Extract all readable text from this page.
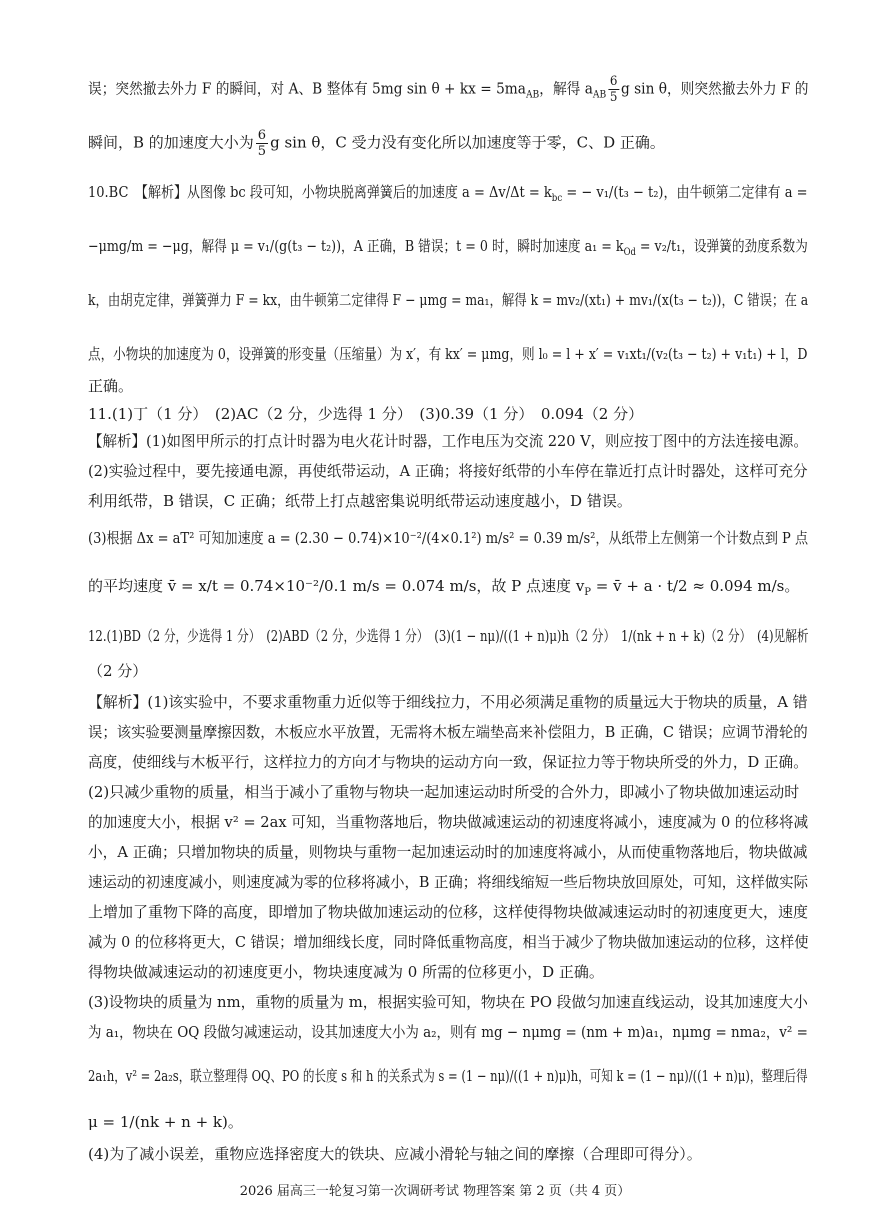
误；突然撤去外力 F 的瞬间，对 A、B 整体有 5mg sin θ + kx = $5ma_{AB}$，解得 $a_{AB} \frac{6}{5}$ g sin θ，则突然撤去外力 F 的
瞬间，B 的加速度大小为 $\frac{6}{5}$ g sin θ，C 受力没有变化所以加速度等于零，C、D 正确。
10.BC　【解析】从图像 bc 段可知，小物块脱离弹簧后的加速度 $a = \Delta v/\Delta t = k_{bc}$ = − v₁/(t₃ − t₂)，由牛顿第二定律有 a =
−μmg/m = −μg，解得 μ = v₁/(g(t₃ − t₂))，A 正确，B 错误；t = 0 时，瞬时加速度 $a_1 = k_{Od} = v_2/t_1$，设弹簧的劲度系数为
k，由胡克定律，弹簧弹力 F = kx，由牛顿第二定律得 F − μmg = ma₁，解得 k = mv₂/(xt₁) + mv₁/(x(t₃ − t₂))，C 错误；在 a
点，小物块的加速度为 0，设弹簧的形变量（压缩量）为 x′，有 kx′ = μmg，则 l₀ = l + x′ = v₁xt₁/(v₂(t₃ − t₂) + v₁t₁) + l，D
正确。
11.(1)丁（1 分）　(2)AC（2 分，少选得 1 分）　(3)0.39（1 分）　0.094（2 分）
【解析】(1)如图甲所示的打点计时器为电火花计时器，工作电压为交流 220 V，则应按丁图中的方法连接电源。
(2)实验过程中，要先接通电源，再使纸带运动，A 正确；将接好纸带的小车停在靠近打点计时器处，这样可充分
利用纸带，B 错误，C 正确；纸带上打点越密集说明纸带运动速度越小，D 错误。
(3)根据 Δx = aT² 可知加速度 a = (2.30 − 0.74)×10⁻²/(4×0.1²) m/s² = 0.39 m/s²，从纸带上左侧第一个计数点到 P 点
的平均速度 v̄ = x/t = 0.74×10⁻²/0.1 m/s = 0.074 m/s，故 P 点速度 $v_P$ = v̄ + a · t/2 ≈ 0.094 m/s。
12.(1)BD（2 分，少选得 1 分）　(2)ABD（2 分，少选得 1 分）　(3)(1 − nμ)/((1 + n)μ)h（2 分）　1/(nk + n + k)（2 分）　(4)见解析
（2 分）
【解析】(1)该实验中，不要求重物重力近似等于细线拉力，不用必须满足重物的质量远大于物块的质量，A 错
误；该实验要测量摩擦因数，木板应水平放置，无需将木板左端垫高来补偿阻力，B 正确，C 错误；应调节滑轮的
高度，使细线与木板平行，这样拉力的方向才与物块的运动方向一致，保证拉力等于物块所受的外力，D 正确。
(2)只减少重物的质量，相当于减小了重物与物块一起加速运动时所受的合外力，即减小了物块做加速运动时
的加速度大小，根据 v² = 2ax 可知，当重物落地后，物块做减速运动的初速度将减小，速度减为 0 的位移将减
小，A 正确；只增加物块的质量，则物块与重物一起加速运动时的加速度将减小，从而使重物落地后，物块做减
速运动的初速度减小，则速度减为零的位移将减小，B 正确；将细线缩短一些后物块放回原处，可知，这样做实际
上增加了重物下降的高度，即增加了物块做加速运动的位移，这样使得物块做减速运动时的初速度更大，速度
减为 0 的位移将更大，C 错误；增加细线长度，同时降低重物高度，相当于减少了物块做加速运动的位移，这样使
得物块做减速运动的初速度更小，物块速度减为 0 所需的位移更小，D 正确。
(3)设物块的质量为 nm，重物的质量为 m，根据实验可知，物块在 PO 段做匀加速直线运动，设其加速度大小
为 a₁，物块在 OQ 段做匀减速运动，设其加速度大小为 a₂，则有 mg − nμmg = (nm + m)a₁，nμmg = nma₂，v² =
2a₁h，v² = 2a₂s，联立整理得 OQ、PO 的长度 s 和 h 的关系式为 s = (1 − nμ)/((1 + n)μ)h，可知 k = (1 − nμ)/((1 + n)μ)，整理后得
μ = 1/(nk + n + k)。
(4)为了减小误差，重物应选择密度大的铁块、应减小滑轮与轴之间的摩擦（合理即可得分）。
2026 届高三一轮复习第一次调研考试 物理答案 第 2 页（共 4 页）
